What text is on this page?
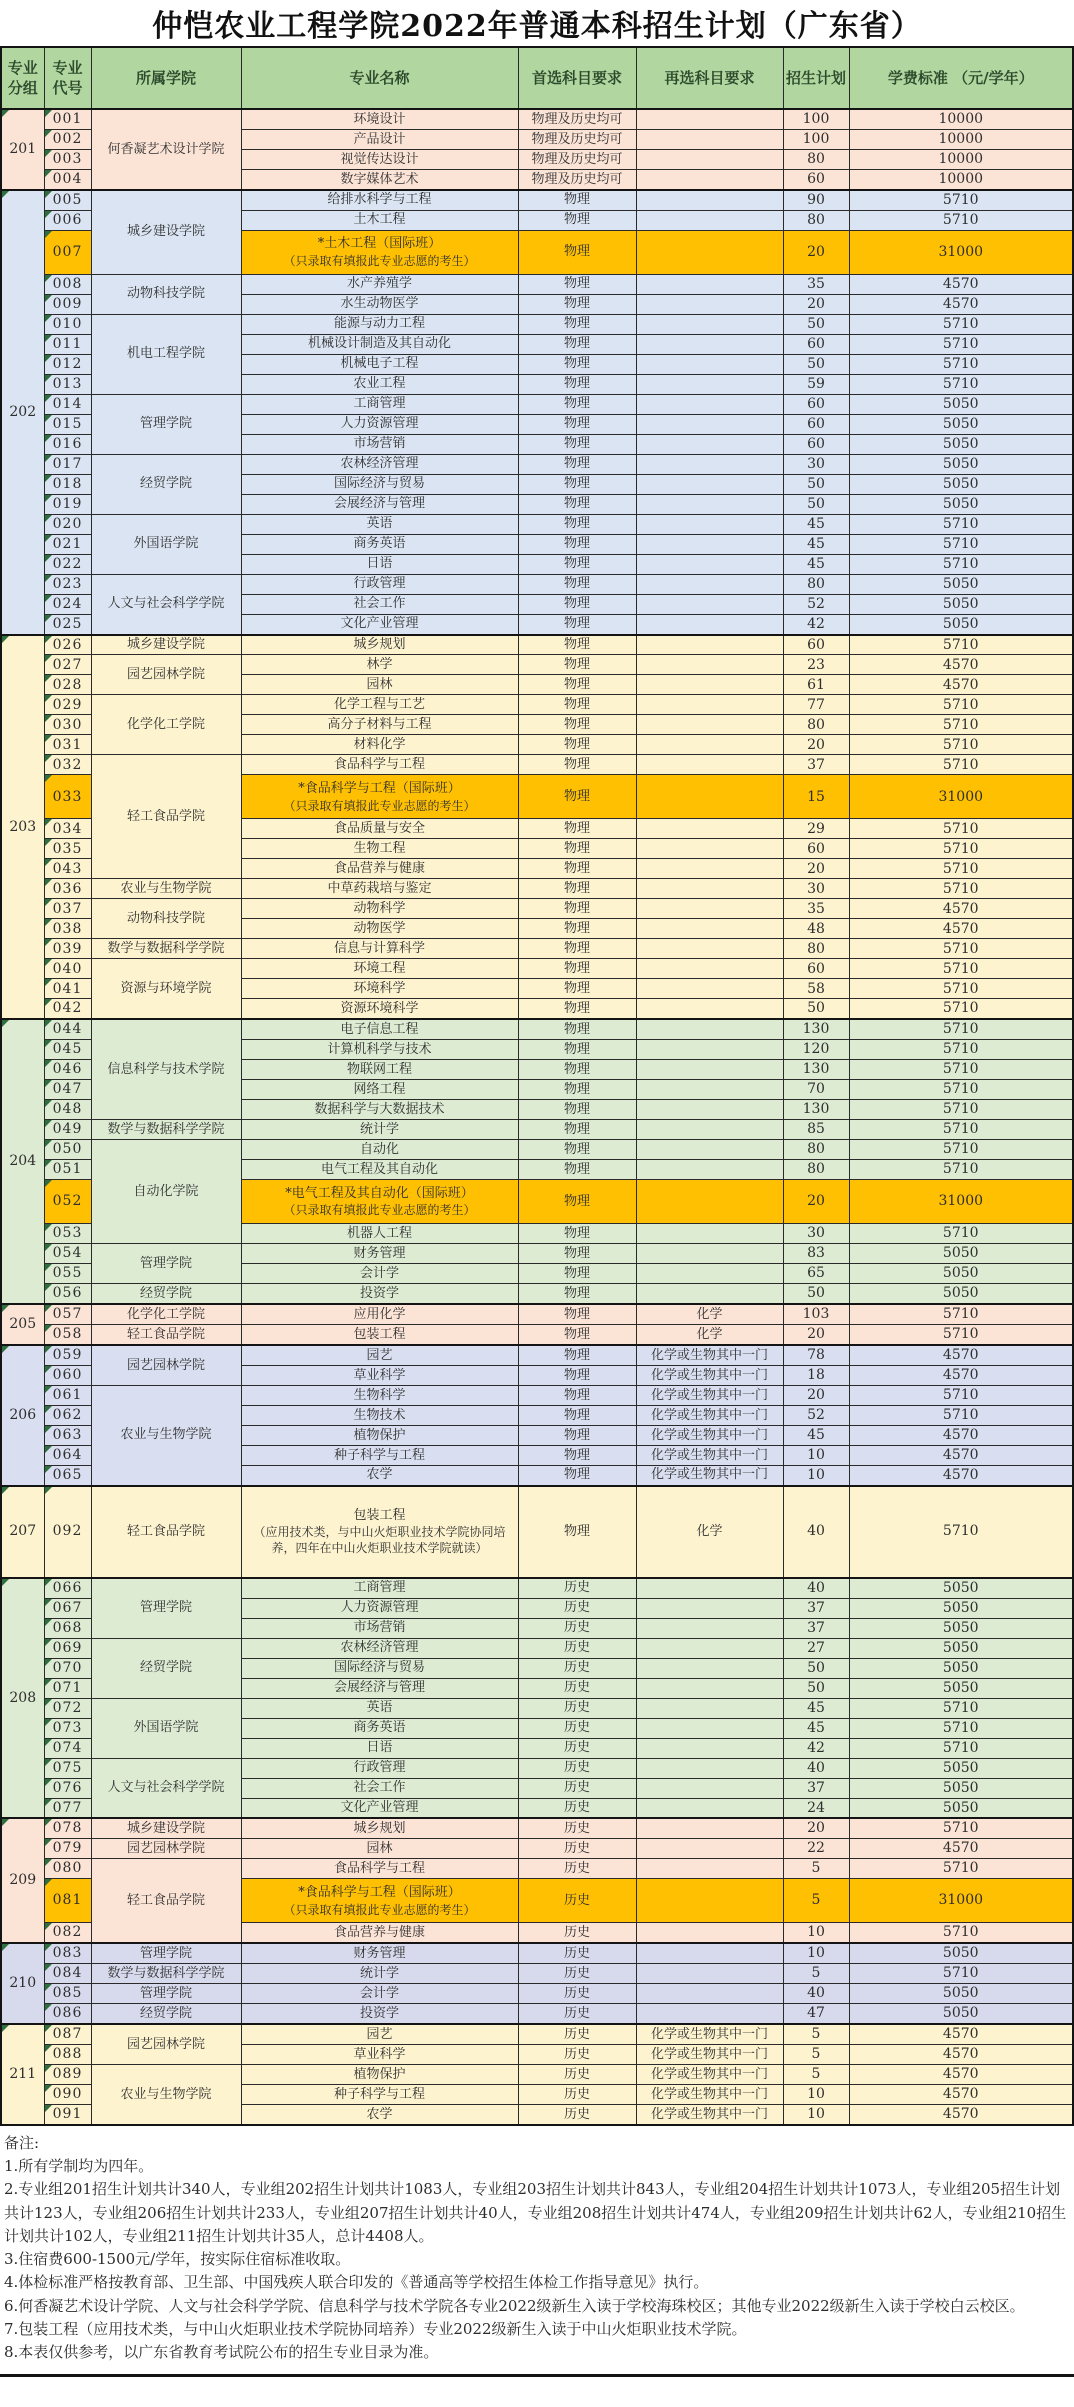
仲恺农业工程学院2022年普通本科招生计划（广东省）
专业分组	专业代号	所属学院	专业名称	首选科目要求	再选科目要求	招生计划	学费标准 （元/学年）
201	001	何香凝艺术设计学院	环境设计	物理及历史均可		100	10000
	002		产品设计	物理及历史均可		100	10000
	003		视觉传达设计	物理及历史均可		80	10000
	004		数字媒体艺术	物理及历史均可		60	10000
202	005	城乡建设学院	给排水科学与工程	物理		90	5710
	006		土木工程	物理		80	5710
	007		*土木工程（国际班）
（只录取有填报此专业志愿的考生）	物理		20	31000
	008	动物科技学院	水产养殖学	物理		35	4570
	009		水生动物医学	物理		20	4570
	010	机电工程学院	能源与动力工程	物理		50	5710
	011		机械设计制造及其自动化	物理		60	5710
	012		机械电子工程	物理		50	5710
	013		农业工程	物理		59	5710
	014	管理学院	工商管理	物理		60	5050
	015		人力资源管理	物理		60	5050
	016		市场营销	物理		60	5050
	017	经贸学院	农林经济管理	物理		30	5050
	018		国际经济与贸易	物理		50	5050
	019		会展经济与管理	物理		50	5050
	020	外国语学院	英语	物理		45	5710
	021		商务英语	物理		45	5710
	022		日语	物理		45	5710
	023	人文与社会科学学院	行政管理	物理		80	5050
	024		社会工作	物理		52	5050
	025		文化产业管理	物理		42	5050
203	026	城乡建设学院	城乡规划	物理		60	5710
	027	园艺园林学院	林学	物理		23	4570
	028		园林	物理		61	4570
	029	化学化工学院	化学工程与工艺	物理		77	5710
	030		高分子材料与工程	物理		80	5710
	031		材料化学	物理		20	5710
	032	轻工食品学院	食品科学与工程	物理		37	5710
	033		*食品科学与工程（国际班）
（只录取有填报此专业志愿的考生）	物理		15	31000
	034		食品质量与安全	物理		29	5710
	035		生物工程	物理		60	5710
	043		食品营养与健康	物理		20	5710
	036	农业与生物学院	中草药栽培与鉴定	物理		30	5710
	037	动物科技学院	动物科学	物理		35	4570
	038		动物医学	物理		48	4570
	039	数学与数据科学学院	信息与计算科学	物理		80	5710
	040	资源与环境学院	环境工程	物理		60	5710
	041		环境科学	物理		58	5710
	042		资源环境科学	物理		50	5710
204	044	信息科学与技术学院	电子信息工程	物理		130	5710
	045		计算机科学与技术	物理		120	5710
	046		物联网工程	物理		130	5710
	047		网络工程	物理		70	5710
	048		数据科学与大数据技术	物理		130	5710
	049	数学与数据科学学院	统计学	物理		85	5710
	050	自动化学院	自动化	物理		80	5710
	051		电气工程及其自动化	物理		80	5710
	052		*电气工程及其自动化（国际班）
（只录取有填报此专业志愿的考生）	物理		20	31000
	053		机器人工程	物理		30	5710
	054	管理学院	财务管理	物理		83	5050
	055		会计学	物理		65	5050
	056	经贸学院	投资学	物理		50	5050
205	057	化学化工学院	应用化学	物理	化学	103	5710
	058	轻工食品学院	包装工程	物理	化学	20	5710
206	059	园艺园林学院	园艺	物理	化学或生物其中一门	78	4570
	060		草业科学	物理	化学或生物其中一门	18	4570
	061	农业与生物学院	生物科学	物理	化学或生物其中一门	20	5710
	062		生物技术	物理	化学或生物其中一门	52	5710
	063		植物保护	物理	化学或生物其中一门	45	4570
	064		种子科学与工程	物理	化学或生物其中一门	10	4570
	065		农学	物理	化学或生物其中一门	10	4570
207	092	轻工食品学院	包装工程
（应用技术类，与中山火炬职业技术学院协同培养，四年在中山火炬职业技术学院就读）	物理	化学	40	5710
208	066	管理学院	工商管理	历史		40	5050
	067		人力资源管理	历史		37	5050
	068		市场营销	历史		37	5050
	069	经贸学院	农林经济管理	历史		27	5050
	070		国际经济与贸易	历史		50	5050
	071		会展经济与管理	历史		50	5050
	072	外国语学院	英语	历史		45	5710
	073		商务英语	历史		45	5710
	074		日语	历史		42	5710
	075	人文与社会科学学院	行政管理	历史		40	5050
	076		社会工作	历史		37	5050
	077		文化产业管理	历史		24	5050
209	078	城乡建设学院	城乡规划	历史		20	5710
	079	园艺园林学院	园林	历史		22	4570
	080	轻工食品学院	食品科学与工程	历史		5	5710
	081		*食品科学与工程（国际班）
（只录取有填报此专业志愿的考生）	历史		5	31000
	082		食品营养与健康	历史		10	5710
210	083	管理学院	财务管理	历史		10	5050
	084	数学与数据科学学院	统计学	历史		5	5710
	085	管理学院	会计学	历史		40	5050
	086	经贸学院	投资学	历史		47	5050
211	087	园艺园林学院	园艺	历史	化学或生物其中一门	5	4570
	088		草业科学	历史	化学或生物其中一门	5	4570
	089	农业与生物学院	植物保护	历史	化学或生物其中一门	5	4570
	090		种子科学与工程	历史	化学或生物其中一门	10	4570
	091		农学	历史	化学或生物其中一门	10	4570
备注:
1.所有学制均为四年。
2.专业组201招生计划共计340人，专业组202招生计划共计1083人，专业组203招生计划共计843人，专业组204招生计划共计1073人，专业组205招生计划共计123人，专业组206招生计划共计233人，专业组207招生计划共计40人，专业组208招生计划共计474人，专业组209招生计划共计62人，专业组210招生计划共计102人，专业组211招生计划共计35人，总计4408人。
3.住宿费600-1500元/学年，按实际住宿标准收取。
4.体检标准严格按教育部、卫生部、中国残疾人联合印发的《普通高等学校招生体检工作指导意见》执行。
6.何香凝艺术设计学院、人文与社会科学学院、信息科学与技术学院各专业2022级新生入读于学校海珠校区；其他专业2022级新生入读于学校白云校区。
7.包装工程（应用技术类，与中山火炬职业技术学院协同培养）专业2022级新生入读于中山火炬职业技术学院。
8.本表仅供参考，以广东省教育考试院公布的招生专业目录为准。
